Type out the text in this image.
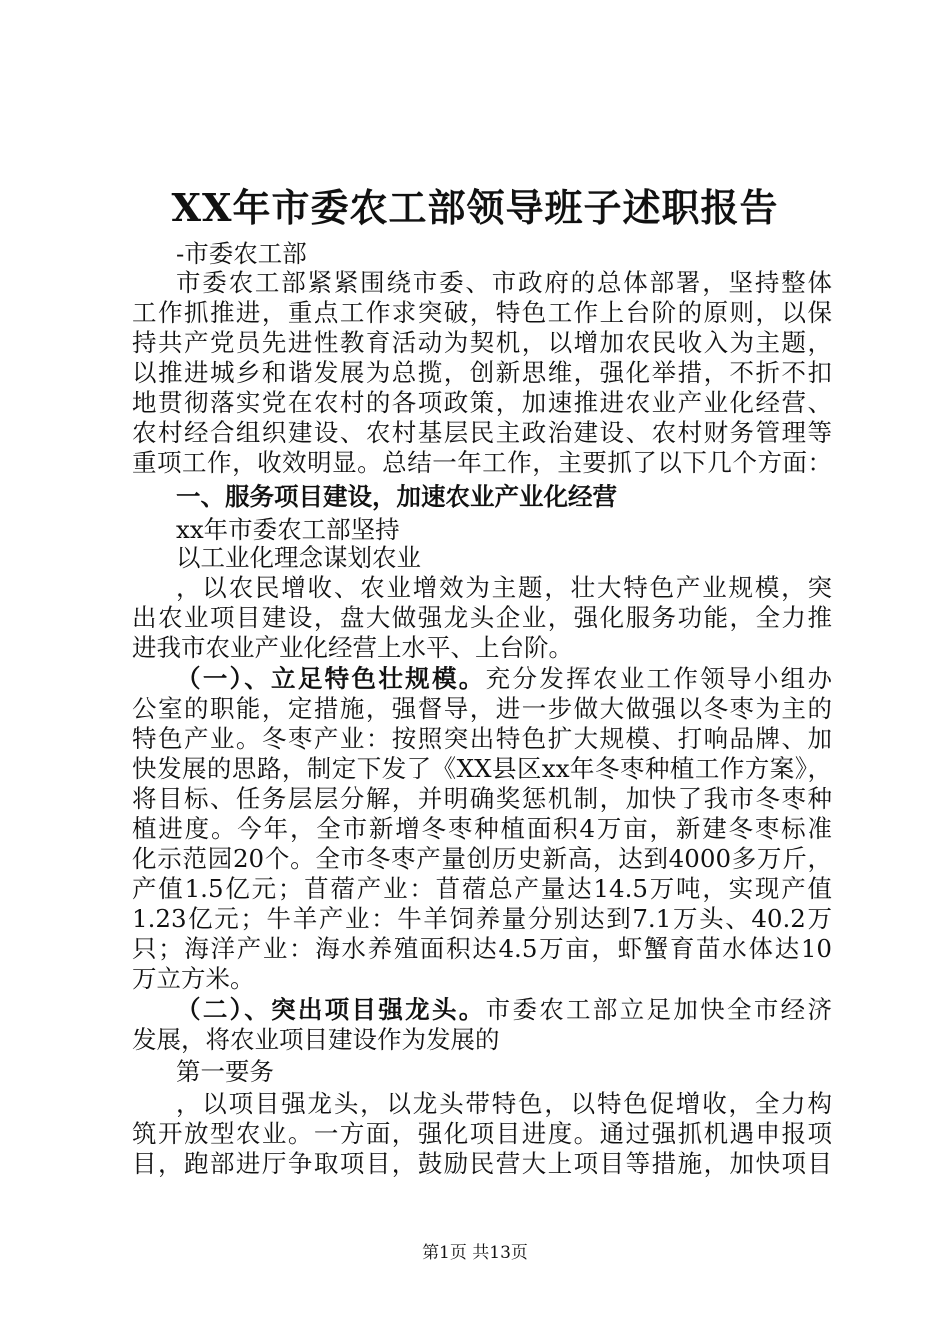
XX年市委农工部领导班子述职报告
-市委农工部
市委农工部紧紧围绕市委、市政府的总体部署，坚持整体
工作抓推进，重点工作求突破，特色工作上台阶的原则，以保
持共产党员先进性教育活动为契机，以增加农民收入为主题，
以推进城乡和谐发展为总揽，创新思维，强化举措，不折不扣
地贯彻落实党在农村的各项政策，加速推进农业产业化经营、
农村经合组织建设、农村基层民主政治建设、农村财务管理等
重项工作，收效明显。总结一年工作，主要抓了以下几个方面：
一、服务项目建设，加速农业产业化经营
xx年市委农工部坚持
以工业化理念谋划农业
，以农民增收、农业增效为主题，壮大特色产业规模，突
出农业项目建设，盘大做强龙头企业，强化服务功能，全力推
进我市农业产业化经营上水平、上台阶。
（一）、立足特色壮规模。充分发挥农业工作领导小组办
公室的职能，定措施，强督导，进一步做大做强以冬枣为主的
特色产业。冬枣产业：按照突出特色扩大规模、打响品牌、加
快发展的思路，制定下发了《XX县区xx年冬枣种植工作方案》，
将目标、任务层层分解，并明确奖惩机制，加快了我市冬枣种
植进度。今年，全市新增冬枣种植面积4万亩，新建冬枣标准
化示范园20个。全市冬枣产量创历史新高，达到4000多万斤，
产值1.5亿元；苜蓿产业：苜蓿总产量达14.5万吨，实现产值
1.23亿元；牛羊产业：牛羊饲养量分别达到7.1万头、40.2万
只；海洋产业：海水养殖面积达4.5万亩，虾蟹育苗水体达10
万立方米。
（二）、突出项目强龙头。市委农工部立足加快全市经济
发展，将农业项目建设作为发展的
第一要务
，以项目强龙头，以龙头带特色，以特色促增收，全力构
筑开放型农业。一方面，强化项目进度。通过强抓机遇申报项
目，跑部进厅争取项目，鼓励民营大上项目等措施，加快项目
第1页 共13页
